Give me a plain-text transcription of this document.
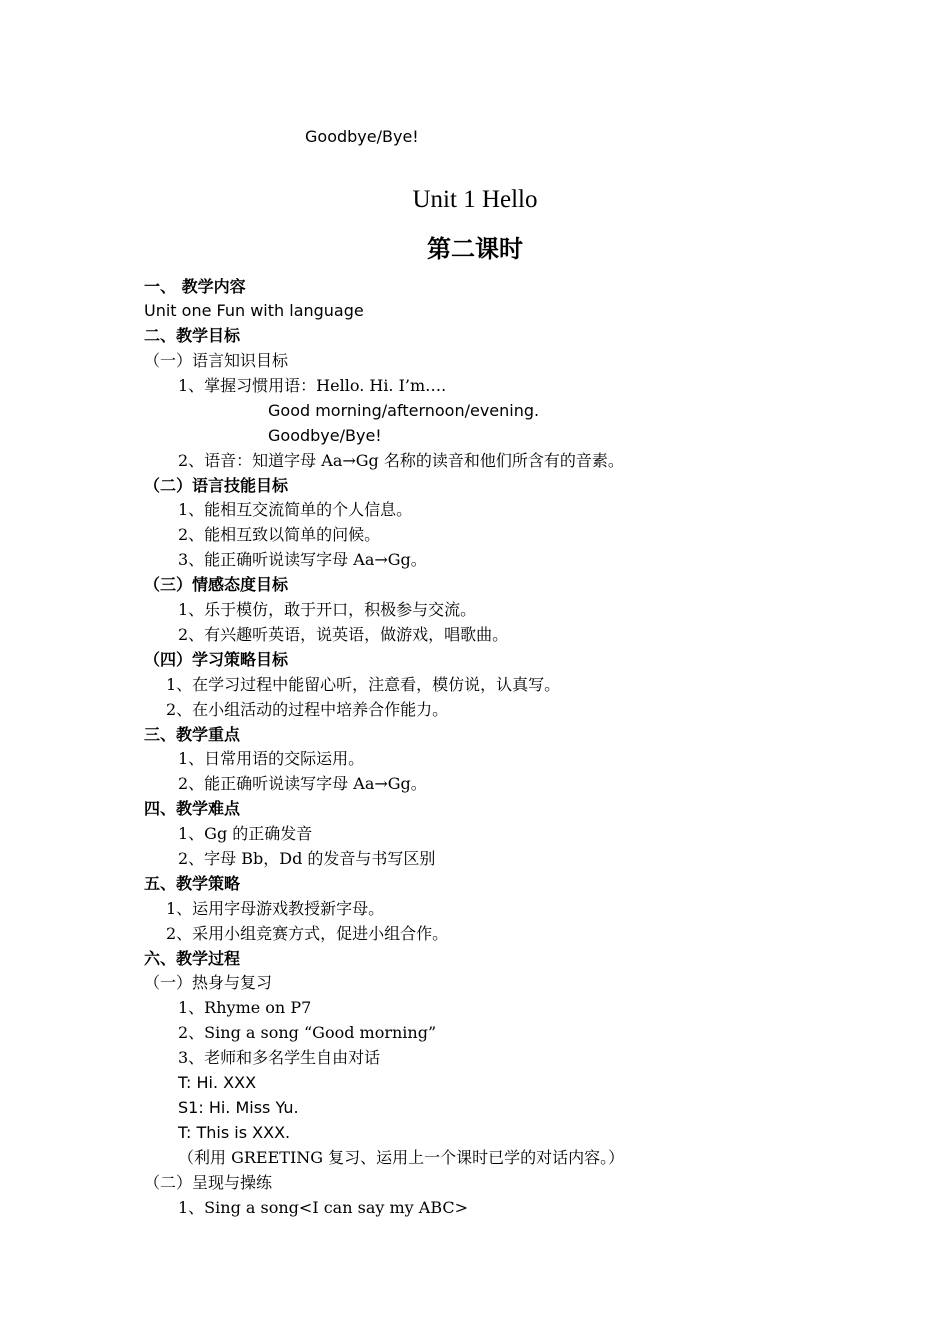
Goodbye/Bye!
Unit 1 Hello
第二课时
一、 教学内容
Unit one Fun with language
二、教学目标
（一）语言知识目标
1、掌握习惯用语：Hello. Hi. I’m….
Good morning/afternoon/evening.
Goodbye/Bye!
2、语音：知道字母 Aa→Gg 名称的读音和他们所含有的音素。
（二）语言技能目标
1、能相互交流简单的个人信息。
2、能相互致以简单的问候。
3、能正确听说读写字母 Aa→Gg。
（三）情感态度目标
1、乐于模仿，敢于开口，积极参与交流。
2、有兴趣听英语，说英语，做游戏，唱歌曲。
（四）学习策略目标
1、在学习过程中能留心听，注意看，模仿说，认真写。
2、在小组活动的过程中培养合作能力。
三、教学重点
1、日常用语的交际运用。
2、能正确听说读写字母 Aa→Gg。
四、教学难点
1、Gg 的正确发音
2、字母 Bb，Dd 的发音与书写区别
五、教学策略
1、运用字母游戏教授新字母。
2、采用小组竞赛方式，促进小组合作。
六、教学过程
（一）热身与复习
1、Rhyme on P7
2、Sing a song “Good morning”
3、老师和多名学生自由对话
T: Hi. XXX
S1: Hi. Miss Yu.
T: This is XXX.
（利用 GREETING 复习、运用上一个课时已学的对话内容。）
（二）呈现与操练
1、Sing a song<I can say my ABC>
